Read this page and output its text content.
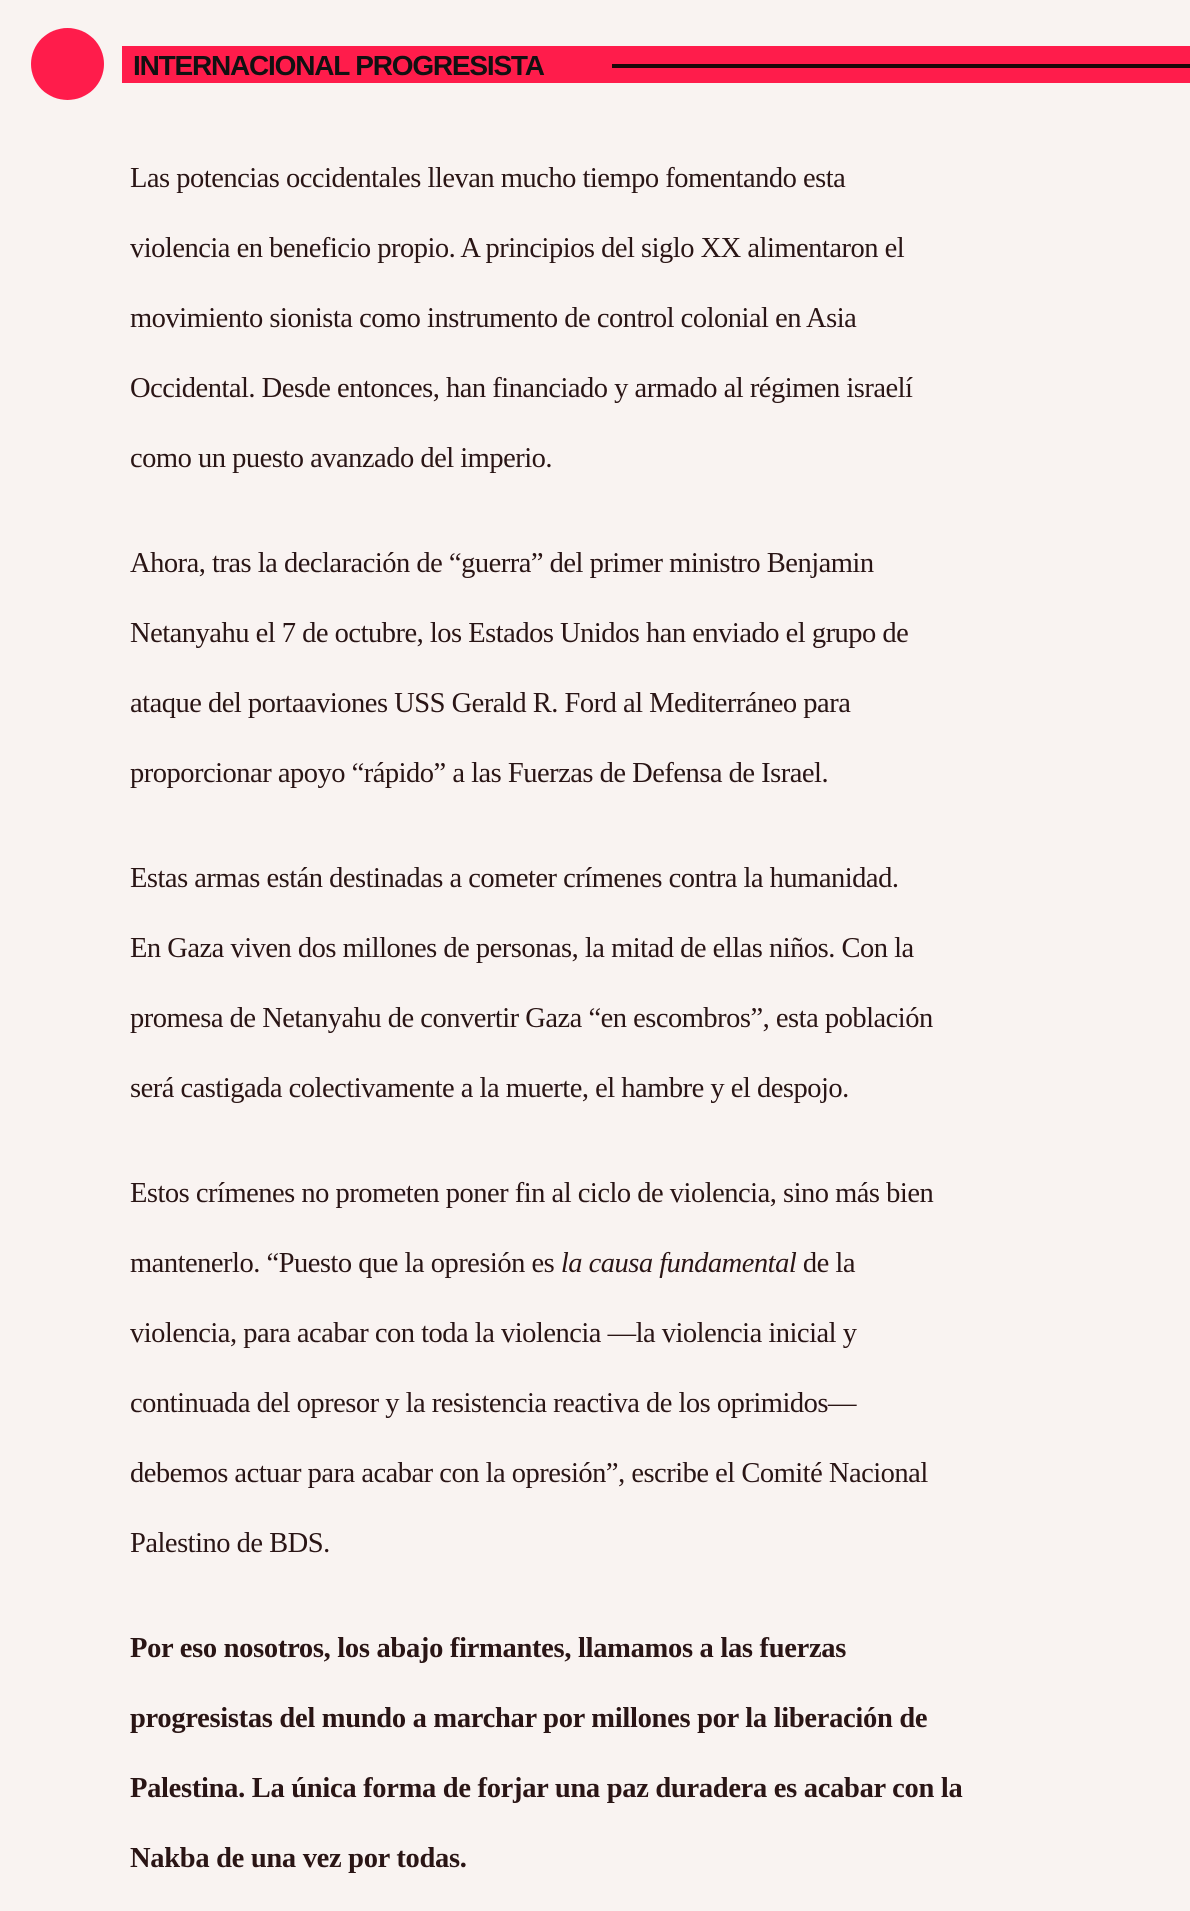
INTERNACIONAL PROGRESISTA

Las potencias occidentales llevan mucho tiempo fomentando esta

violencia en beneficio propio. A principios del siglo XX alimentaron el

movimiento sionista como instrumento de control colonial en Asia

Occidental. Desde entonces, han financiado y armado al régimen israelí

como un puesto avanzado del imperio.

Ahora, tras la declaración de “guerra” del primer ministro Benjamin

Netanyahu el 7 de octubre, los Estados Unidos han enviado el grupo de

ataque del portaaviones USS Gerald R. Ford al Mediterráneo para

proporcionar apoyo “rápido” a las Fuerzas de Defensa de Israel.

Estas armas están destinadas a cometer crímenes contra la humanidad.

En Gaza viven dos millones de personas, la mitad de ellas niños. Con la

promesa de Netanyahu de convertir Gaza “en escombros”, esta población

será castigada colectivamente a la muerte, el hambre y el despojo.

Estos crímenes no prometen poner fin al ciclo de violencia, sino más bien

mantenerlo. “Puesto que la opresión es la causa fundamental de la

violencia, para acabar con toda la violencia —la violencia inicial y

continuada del opresor y la resistencia reactiva de los oprimidos—

debemos actuar para acabar con la opresión”, escribe el Comité Nacional

Palestino de BDS.

Por eso nosotros, los abajo firmantes, llamamos a las fuerzas

progresistas del mundo a marchar por millones por la liberación de

Palestina. La única forma de forjar una paz duradera es acabar con la

Nakba de una vez por todas.
